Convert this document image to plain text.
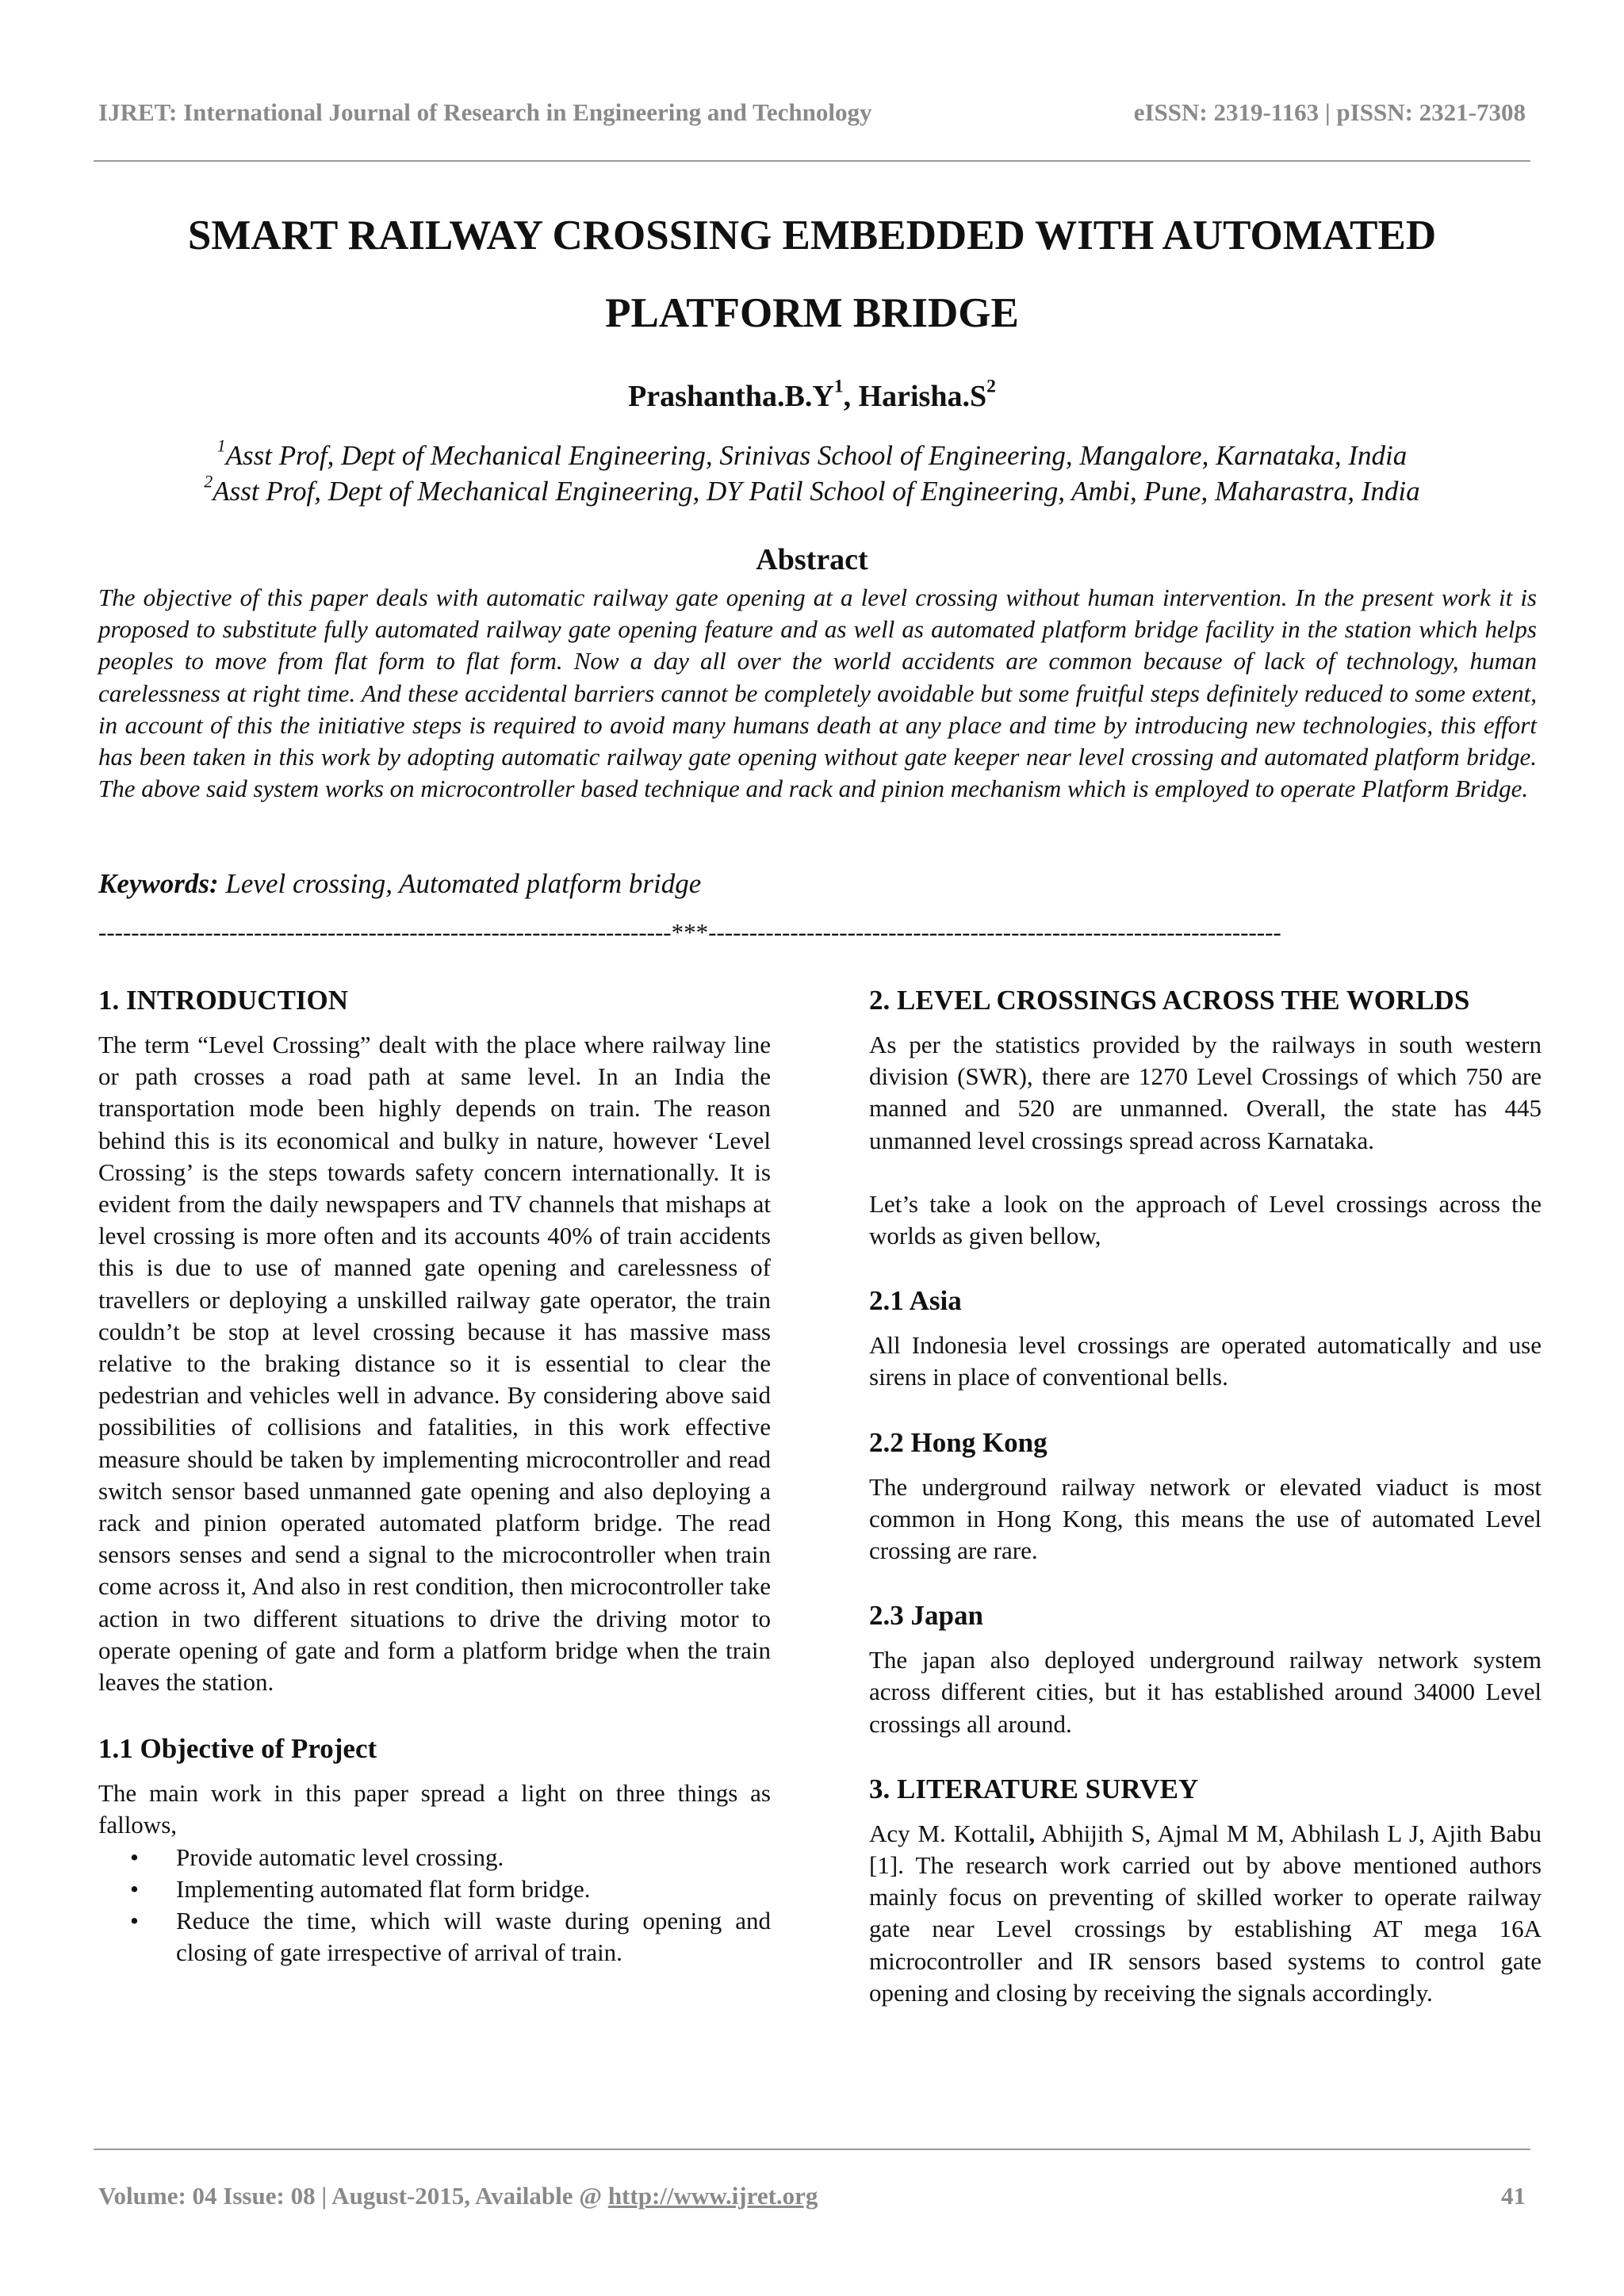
IJRET: International Journal of Research in Engineering and Technology	eISSN: 2319-1163 | pISSN: 2321-7308
SMART RAILWAY CROSSING EMBEDDED WITH AUTOMATED
PLATFORM BRIDGE
$Prashantha.B.Y^1$, $Harisha.S^2$
$^1$Asst Prof, Dept of Mechanical Engineering, Srinivas School of Engineering, Mangalore, Karnataka, India
$^2$Asst Prof, Dept of Mechanical Engineering, DY Patil School of Engineering, Ambi, Pune, Maharastra, India
Abstract

The objective of this paper deals with automatic railway gate opening at a level crossing without human intervention. In the present work it is proposed to substitute fully automated railway gate opening feature and as well as automated platform bridge facility in the station which helps peoples to move from flat form to flat form. Now a day all over the world accidents are common because of lack of technology, human carelessness at right time. And these accidental barriers cannot be completely avoidable but some fruitful steps definitely reduced to some extent, in account of this the initiative steps is required to avoid many humans death at any place and time by introducing new technologies, this effort has been taken in this work by adopting automatic railway gate opening without gate keeper near level crossing and automated platform bridge. The above said system works on microcontroller based technique and rack and pinion mechanism which is employed to operate Platform Bridge.

Keywords: Level crossing, Automated platform bridge
----------------------------------------------------------------------***----------------------------------------------------------------------
1. INTRODUCTION

The term “Level Crossing” dealt with the place where railway line or path crosses a road path at same level. In an India the transportation mode been highly depends on train. The reason behind this is its economical and bulky in nature, however ‘Level Crossing’ is the steps towards safety concern internationally. It is evident from the daily newspapers and TV channels that mishaps at level crossing is more often and its accounts 40% of train accidents this is due to use of manned gate opening and carelessness of travellers or deploying a unskilled railway gate operator, the train couldn’t be stop at level crossing because it has massive mass relative to the braking distance so it is essential to clear the pedestrian and vehicles well in advance. By considering above said possibilities of collisions and fatalities, in this work effective measure should be taken by implementing microcontroller and read switch sensor based unmanned gate opening and also deploying a rack and pinion operated automated platform bridge. The read sensors senses and send a signal to the microcontroller when train come across it, And also in rest condition, then microcontroller take action in two different situations to drive the driving motor to operate opening of gate and form a platform bridge when the train leaves the station.

1.1 Objective of Project

The main work in this paper spread a light on three things as fallows,

• Provide automatic level crossing.
• Implementing automated flat form bridge.
• Reduce the time, which will waste during opening and closing of gate irrespective of arrival of train.
2. LEVEL CROSSINGS ACROSS THE WORLDS

As per the statistics provided by the railways in south western division (SWR), there are 1270 Level Crossings of which 750 are manned and 520 are unmanned. Overall, the state has 445 unmanned level crossings spread across Karnataka.

Let’s take a look on the approach of Level crossings across the worlds as given bellow,

2.1 Asia

All Indonesia level crossings are operated automatically and use sirens in place of conventional bells.

2.2 Hong Kong

The underground railway network or elevated viaduct is most common in Hong Kong, this means the use of automated Level crossing are rare.

2.3 Japan

The japan also deployed underground railway network system across different cities, but it has established around 34000 Level crossings all around.

3. LITERATURE SURVEY

Acy M. Kottalil, Abhijith S, Ajmal M M, Abhilash L J, Ajith Babu [1]. The research work carried out by above mentioned authors mainly focus on preventing of skilled worker to operate railway gate near Level crossings by establishing AT mega 16A microcontroller and IR sensors based systems to control gate opening and closing by receiving the signals accordingly.

Volume: 04 Issue: 08 | August-2015, Available @ http://www.ijret.org	41
